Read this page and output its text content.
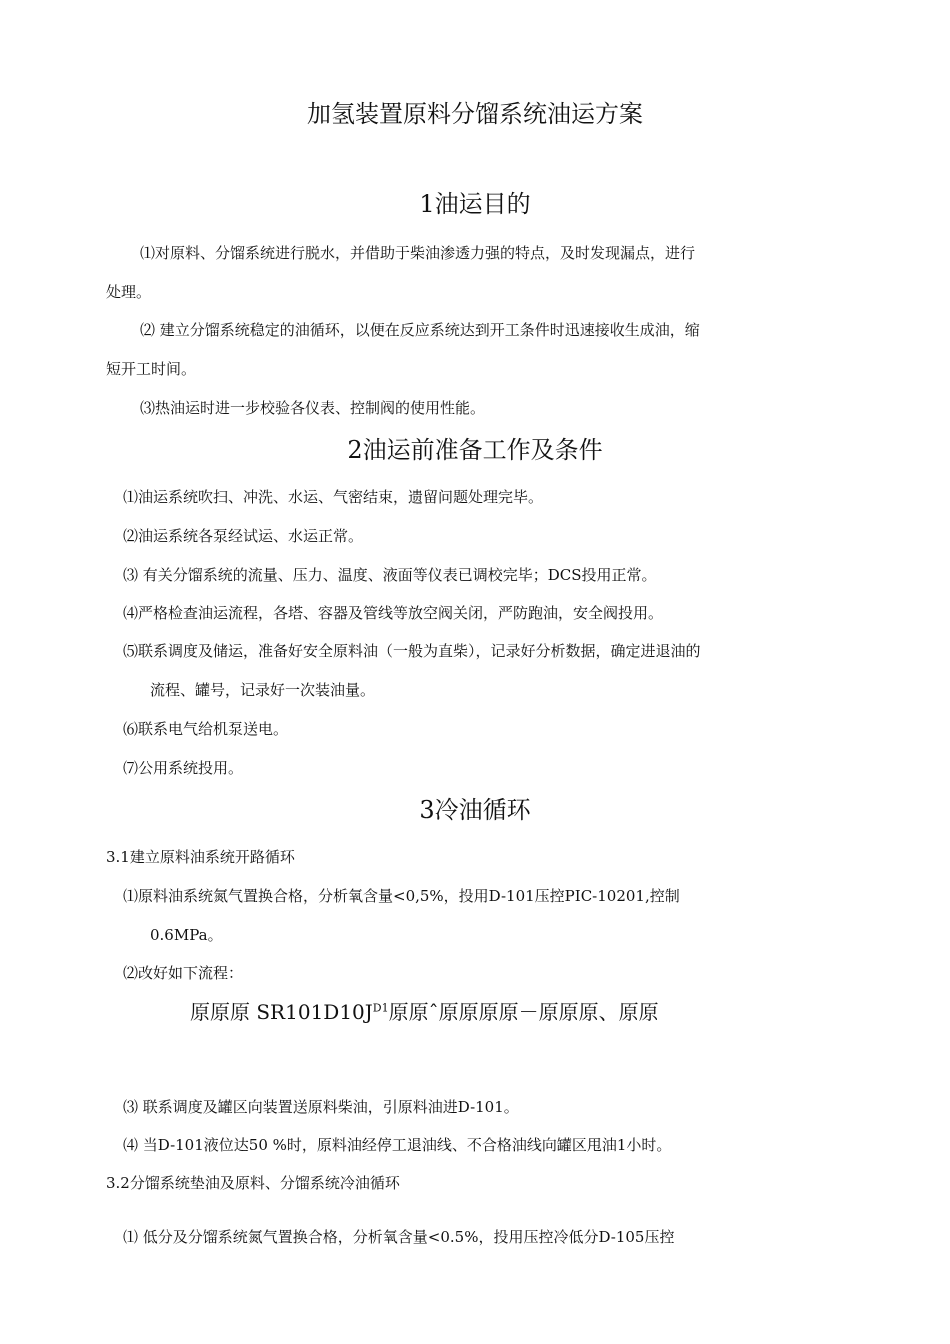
加氢装置原料分馏系统油运方案
1油运目的
⑴对原料、分馏系统进行脱水，并借助于柴油渗透力强的特点，及时发现漏点，进行
处理。
⑵ 建立分馏系统稳定的油循环，以便在反应系统达到开工条件时迅速接收生成油，缩
短开工时间。
⑶热油运时进一步校验各仪表、控制阀的使用性能。
2油运前准备工作及条件
⑴油运系统吹扫、冲洗、水运、气密结束，遗留问题处理完毕。
⑵油运系统各泵经试运、水运正常。
⑶ 有关分馏系统的流量、压力、温度、液面等仪表已调校完毕；DCS投用正常。
⑷严格检查油运流程，各塔、容器及管线等放空阀关闭，严防跑油，安全阀投用。
⑸联系调度及储运，准备好安全原料油（一般为直柴），记录好分析数据，确定进退油的
流程、罐号，记录好一次装油量。
⑹联系电气给机泵送电。
⑺公用系统投用。
3冷油循环
3.1建立原料油系统开路循环
⑴原料油系统氮气置换合格，分析氧含量<0,5%，投用D-101压控PIC-10201,控制
0.6MPa。
⑵改好如下流程：
原原原 $SR101D10J^{D1}$原原ˆ原原原原－原原原、原原
⑶ 联系调度及罐区向装置送原料柴油，引原料油进D-101。
⑷ 当D-101液位达50 %时，原料油经停工退油线、不合格油线向罐区甩油1小时。
3.2分馏系统垫油及原料、分馏系统冷油循环
⑴ 低分及分馏系统氮气置换合格，分析氧含量<0.5%，投用压控冷低分D-105压控
